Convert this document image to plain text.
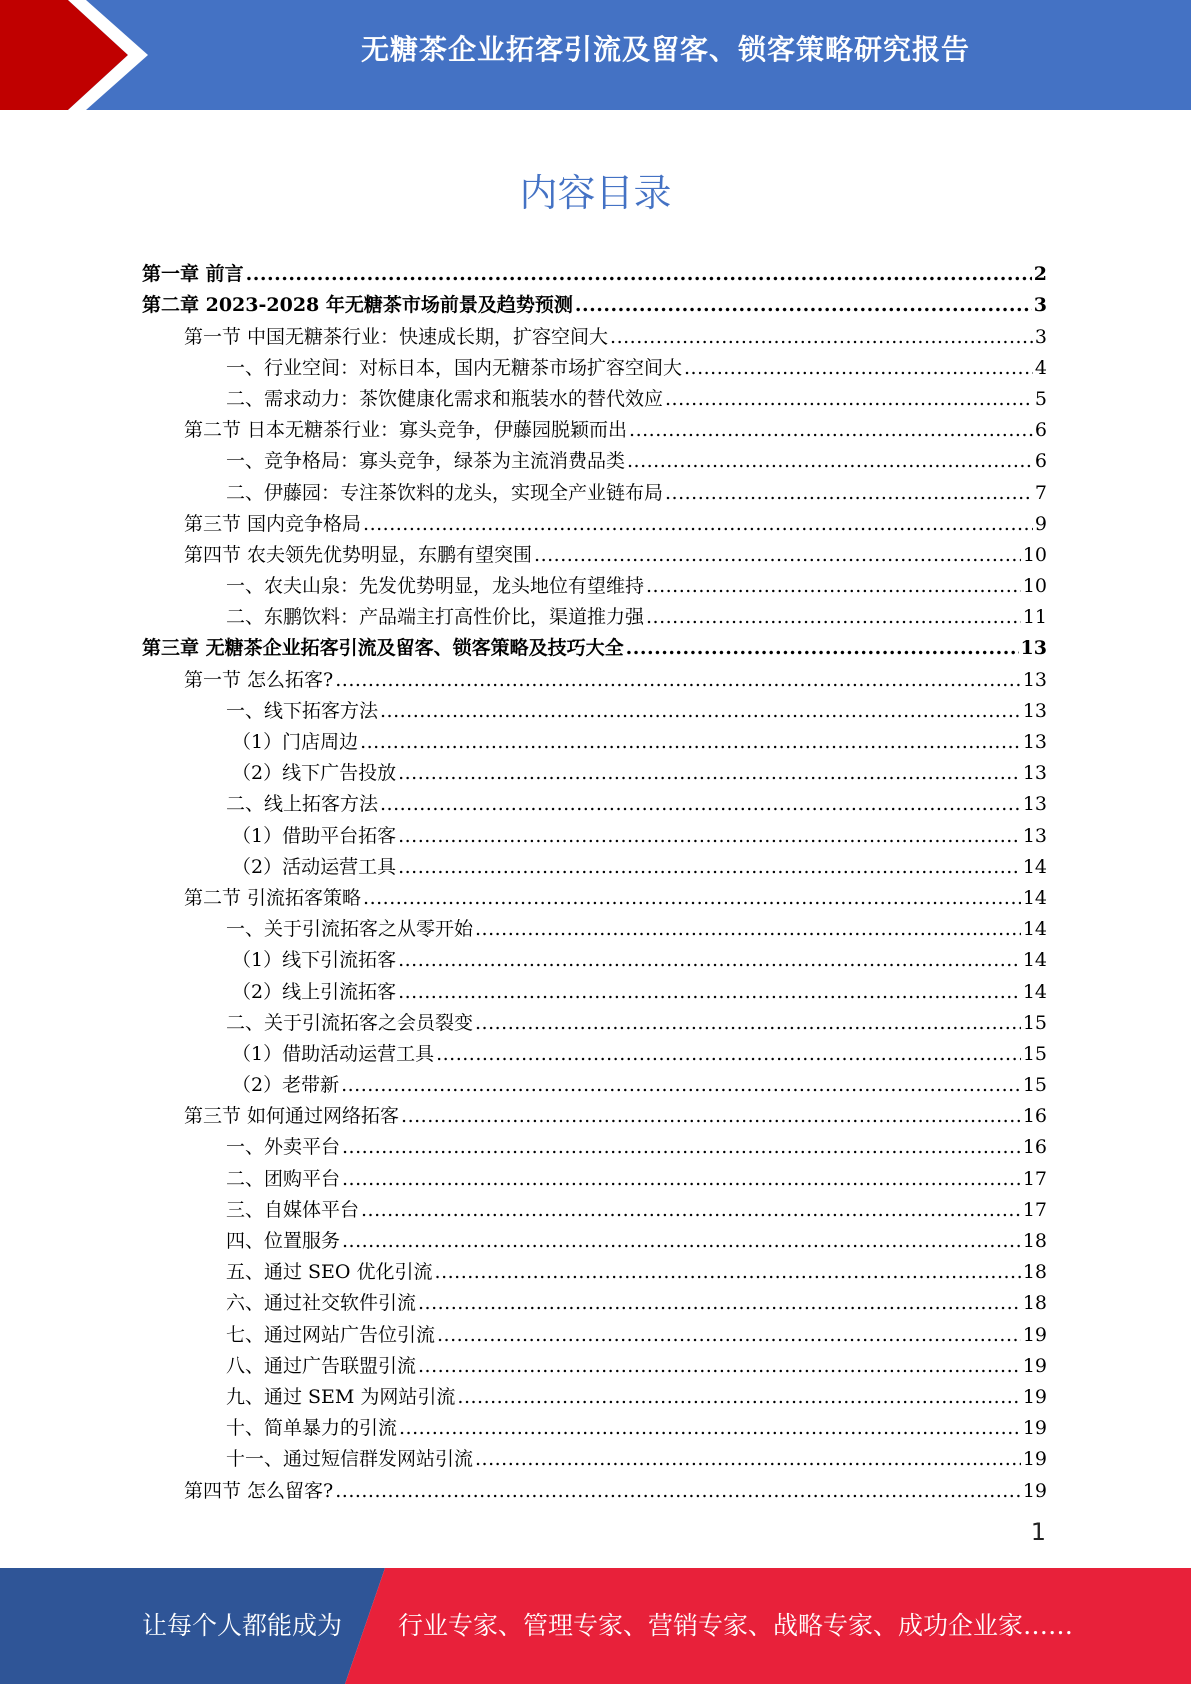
无糖茶企业拓客引流及留客、锁客策略研究报告
内容目录
第一章 前言 .....	2
第二章 2023-2028 年无糖茶市场前景及趋势预测 .....	3
第一节 中国无糖茶行业：快速成长期，扩容空间大 .....	3
一、行业空间：对标日本，国内无糖茶市场扩容空间大 .....	4
二、需求动力：茶饮健康化需求和瓶装水的替代效应 .....	5
第二节 日本无糖茶行业：寡头竞争，伊藤园脱颖而出 .....	6
一、竞争格局：寡头竞争，绿茶为主流消费品类 .....	6
二、伊藤园：专注茶饮料的龙头，实现全产业链布局 .....	7
第三节 国内竞争格局 .....	9
第四节 农夫领先优势明显，东鹏有望突围 .....	10
一、农夫山泉：先发优势明显，龙头地位有望维持 .....	10
二、东鹏饮料：产品端主打高性价比，渠道推力强 .....	11
第三章 无糖茶企业拓客引流及留客、锁客策略及技巧大全 .....	13
第一节 怎么拓客? .....	13
一、线下拓客方法 .....	13
（1）门店周边 .....	13
（2）线下广告投放 .....	13
二、线上拓客方法 .....	13
（1）借助平台拓客 .....	13
（2）活动运营工具 .....	14
第二节 引流拓客策略 .....	14
一、关于引流拓客之从零开始 .....	14
（1）线下引流拓客 .....	14
（2）线上引流拓客 .....	14
二、关于引流拓客之会员裂变 .....	15
（1）借助活动运营工具 .....	15
（2）老带新 .....	15
第三节 如何通过网络拓客 .....	16
一、外卖平台 .....	16
二、团购平台 .....	17
三、自媒体平台 .....	17
四、位置服务 .....	18
五、通过 SEO 优化引流 .....	18
六、通过社交软件引流 .....	18
七、通过网站广告位引流 .....	19
八、通过广告联盟引流 .....	19
九、通过 SEM 为网站引流 .....	19
十、简单暴力的引流 .....	19
十一、通过短信群发网站引流 .....	19
第四节 怎么留客? .....	19
1
让每个人都能成为 行业专家、管理专家、营销专家、战略专家、成功企业家……
